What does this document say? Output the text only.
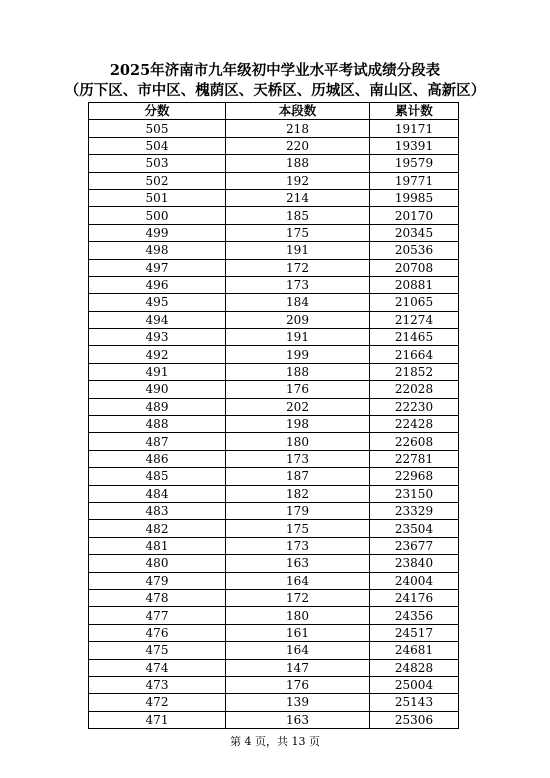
2025年济南市九年级初中学业水平考试成绩分段表
（历下区、市中区、槐荫区、天桥区、历城区、南山区、高新区）
分数	本段数	累计数
505	218	19171
504	220	19391
503	188	19579
502	192	19771
501	214	19985
500	185	20170
499	175	20345
498	191	20536
497	172	20708
496	173	20881
495	184	21065
494	209	21274
493	191	21465
492	199	21664
491	188	21852
490	176	22028
489	202	22230
488	198	22428
487	180	22608
486	173	22781
485	187	22968
484	182	23150
483	179	23329
482	175	23504
481	173	23677
480	163	23840
479	164	24004
478	172	24176
477	180	24356
476	161	24517
475	164	24681
474	147	24828
473	176	25004
472	139	25143
471	163	25306
第 4 页，共 13 页
